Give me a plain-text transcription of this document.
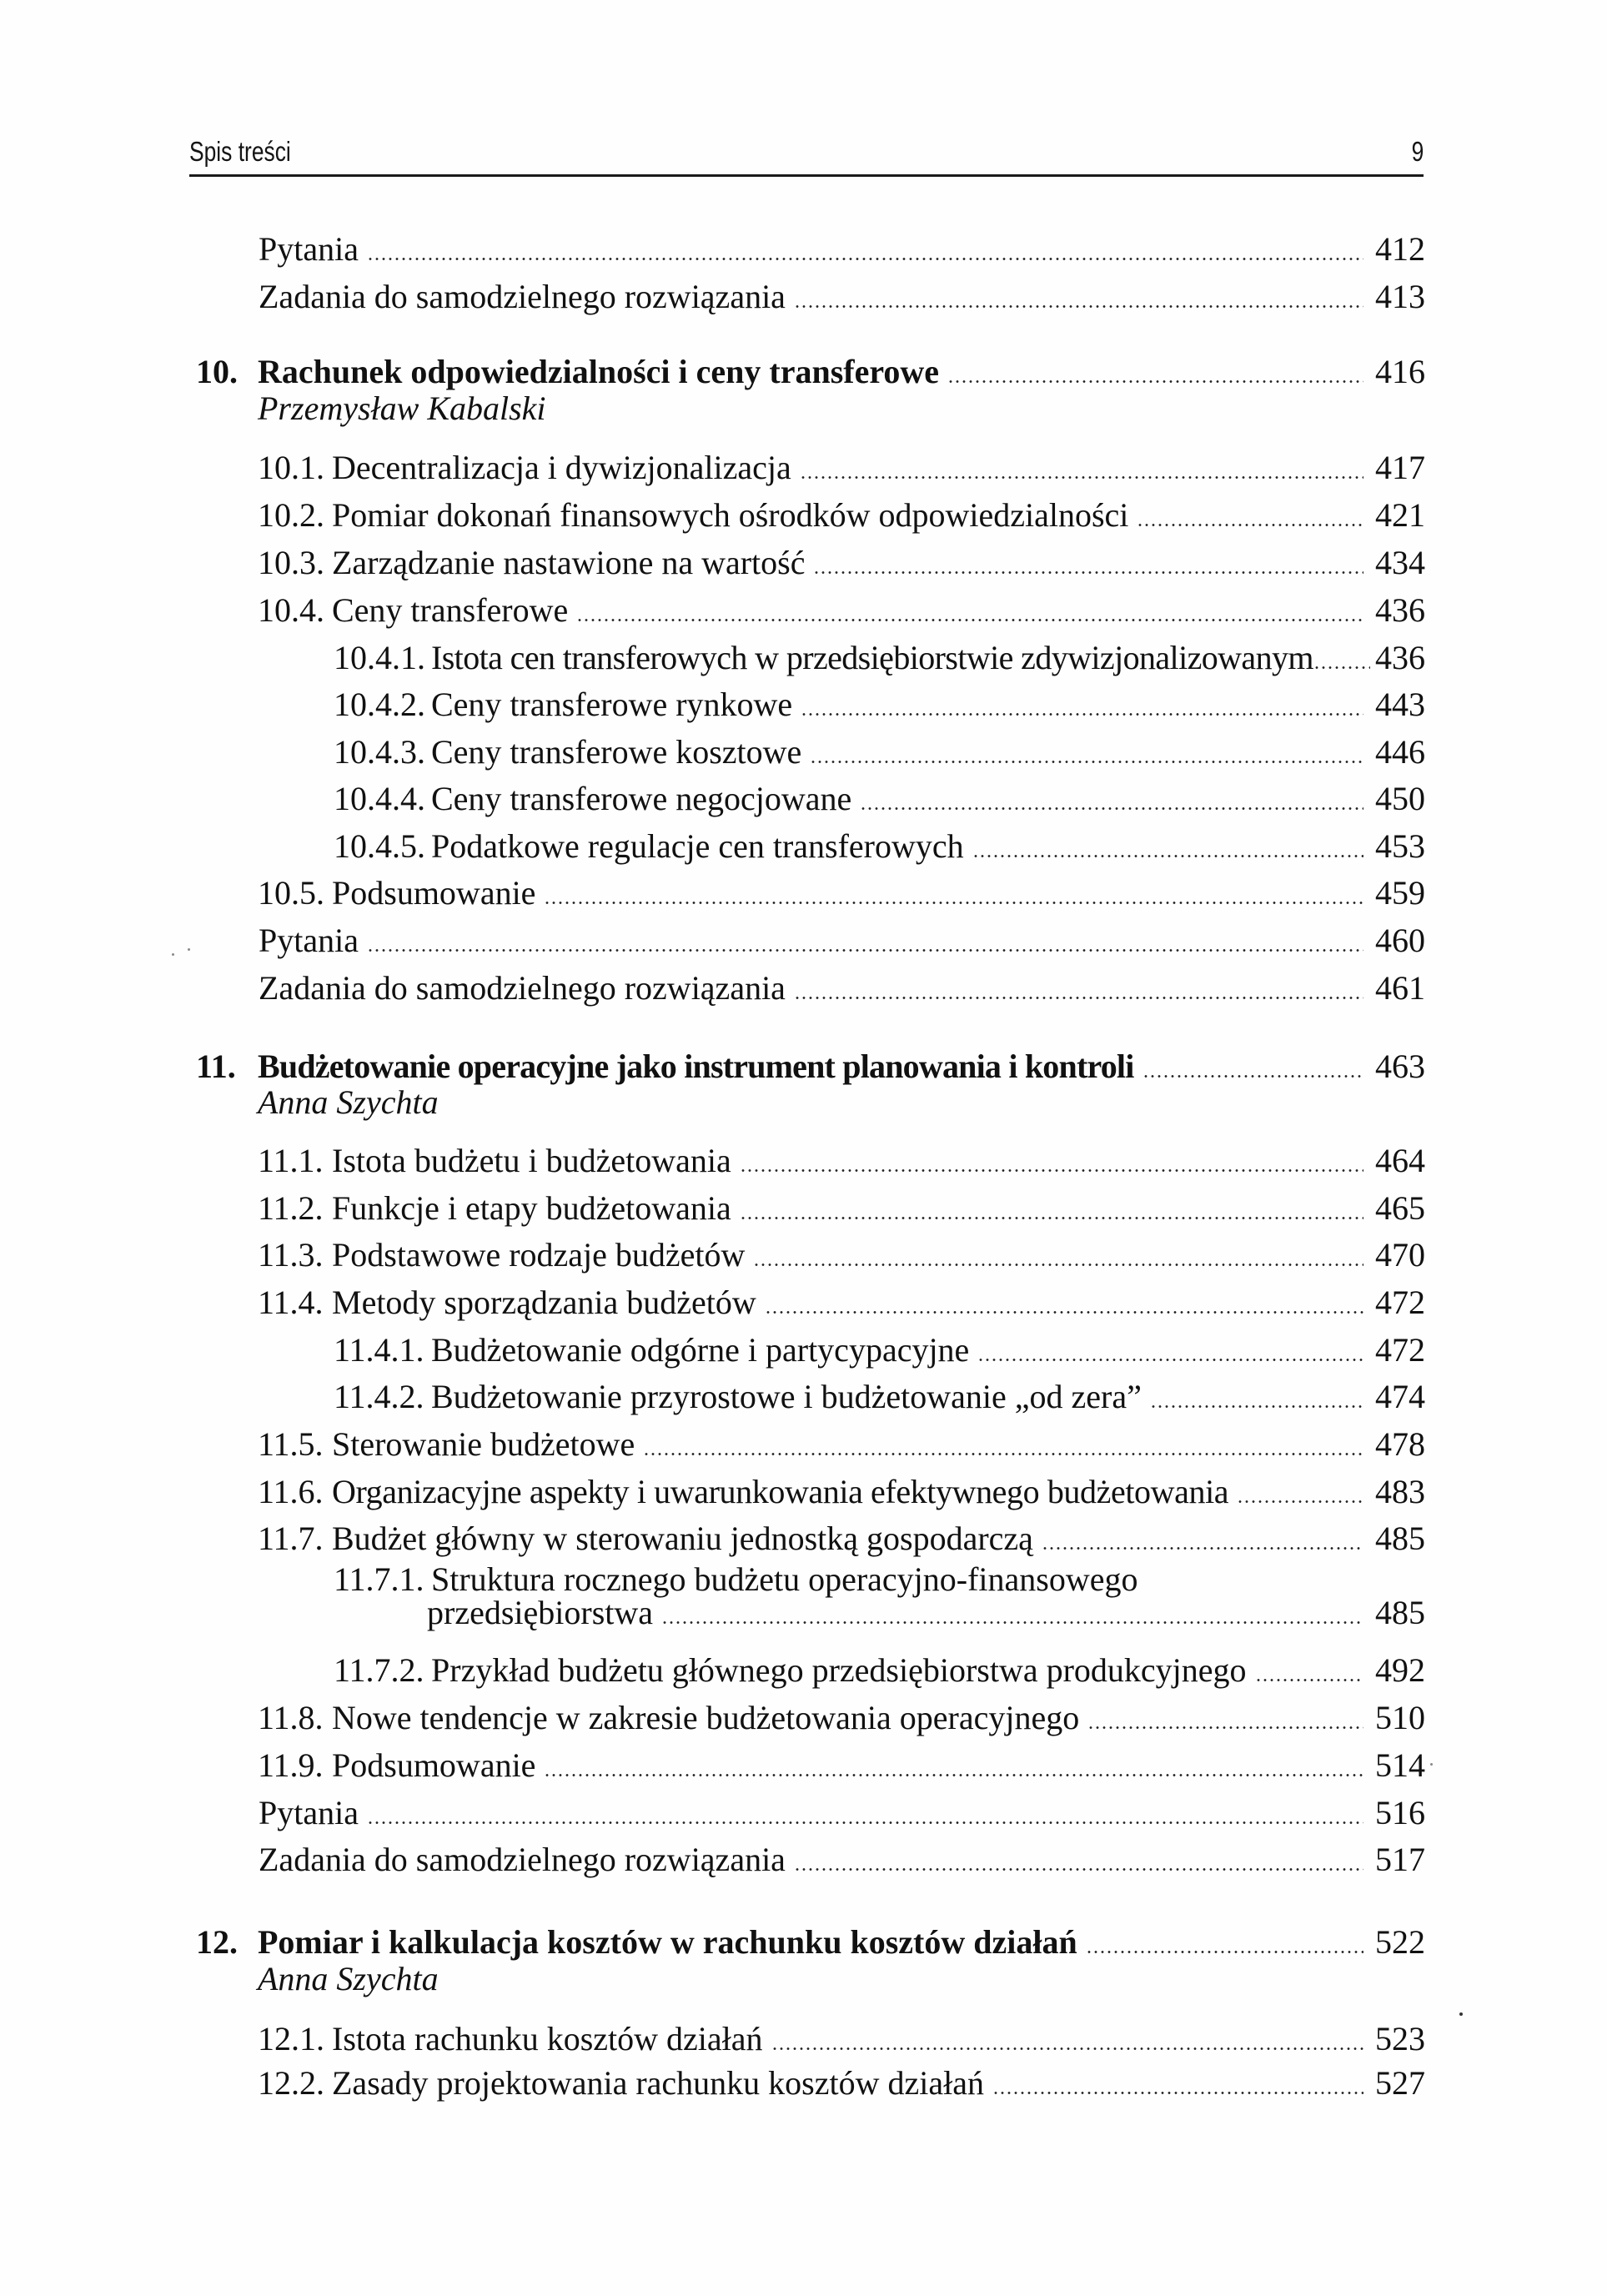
Spis treści	9
Pytania	412
Zadania do samodzielnego rozwiązania	413
10. Rachunek odpowiedzialności i ceny transferowe	416
Przemysław Kabalski
10.1. Decentralizacja i dywizjonalizacja	417
10.2. Pomiar dokonań finansowych ośrodków odpowiedzialności	421
10.3. Zarządzanie nastawione na wartość	434
10.4. Ceny transferowe	436
10.4.1. Istota cen transferowych w przedsiębiorstwie zdywizjonalizowanym 436
10.4.2. Ceny transferowe rynkowe	443
10.4.3. Ceny transferowe kosztowe	446
10.4.4. Ceny transferowe negocjowane	450
10.4.5. Podatkowe regulacje cen transferowych	453
10.5. Podsumowanie	459
Pytania	460
Zadania do samodzielnego rozwiązania	461
11. Budżetowanie operacyjne jako instrument planowania i kontroli	463
Anna Szychta
11.1. Istota budżetu i budżetowania	464
11.2. Funkcje i etapy budżetowania	465
11.3. Podstawowe rodzaje budżetów	470
11.4. Metody sporządzania budżetów	472
11.4.1. Budżetowanie odgórne i partycypacyjne	472
11.4.2. Budżetowanie przyrostowe i budżetowanie „od zera”	474
11.5. Sterowanie budżetowe	478
11.6. Organizacyjne aspekty i uwarunkowania efektywnego budżetowania	483
11.7. Budżet główny w sterowaniu jednostką gospodarczą	485
11.7.1. Struktura rocznego budżetu operacyjno-finansowego
przedsiębiorstwa	485
11.7.2. Przykład budżetu głównego przedsiębiorstwa produkcyjnego	492
11.8. Nowe tendencje w zakresie budżetowania operacyjnego	510
11.9. Podsumowanie	514
Pytania	516
Zadania do samodzielnego rozwiązania	517
12. Pomiar i kalkulacja kosztów w rachunku kosztów działań	522
Anna Szychta
12.1. Istota rachunku kosztów działań	523
12.2. Zasady projektowania rachunku kosztów działań	527
